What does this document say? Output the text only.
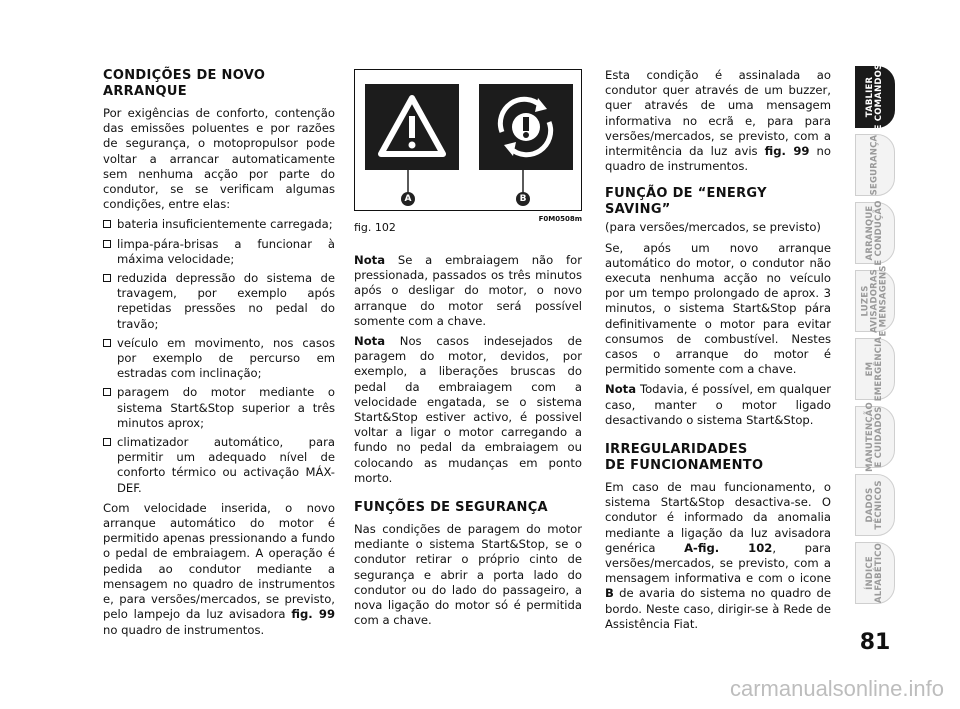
CONDIÇÕES DE NOVO
ARRANQUE

Por exigências de conforto, contenção das emissões poluentes e por razões de segurança, o motopropulsor pode voltar a arrancar automaticamente sem nenhuma acção por parte do condutor, se se verificam algumas condições, entre elas:

bateria insuficientemente carregada;
limpa-pára-brisas a funcionar à máxima velocidade;
reduzida depressão do sistema de travagem, por exemplo após repetidas pressões no pedal do travão;
veículo em movimento, nos casos por exemplo de percurso em estradas com inclinação;
paragem do motor mediante o sistema Start&Stop superior a três minutos aprox;
climatizador automático, para permitir um adequado nível de conforto térmico ou activação MÁX-DEF.

Com velocidade inserida, o novo arranque automático do motor é permitido apenas pressionando a fundo o pedal de embraiagem. A operação é pedida ao condutor mediante a mensagem no quadro de instrumentos e, para versões/mercados, se previsto, pelo lampejo da luz avisadora fig. 99 no quadro de instrumentos.

A	B
fig. 102
F0M0508m

Nota Se a embraiagem não for pressionada, passados os três minutos após o desligar do motor, o novo arranque do motor será possível somente com a chave.

Nota Nos casos indesejados de paragem do motor, devidos, por exemplo, a liberações bruscas do pedal da embraiagem com a velocidade engatada, se o sistema Start&Stop estiver activo, é possivel voltar a ligar o motor carregando a fundo no pedal da embraiagem ou colocando as mudanças em ponto morto.

FUNÇÕES DE SEGURANÇA

Nas condições de paragem do motor mediante o sistema Start&Stop, se o condutor retirar o próprio cinto de segurança e abrir a porta lado do condutor ou do lado do passageiro, a nova ligação do motor só é permitida com a chave.

Esta condição é assinalada ao condutor quer através de um buzzer, quer através de uma mensagem informativa no ecrã e, para para versões/mercados, se previsto, com a intermitência da luz avis fig. 99 no quadro de instrumentos.

FUNÇÃO DE “ENERGY SAVING”

(para versões/mercados, se previsto)

Se, após um novo arranque automático do motor, o condutor não executa nenhuma acção no veículo por um tempo prolongado de aprox. 3 minutos, o sistema Start&Stop pára definitivamente o motor para evitar consumos de combustível. Nestes casos o arranque do motor é permitido somente com a chave.

Nota Todavia, é possível, em qualquer caso, manter o motor ligado desactivando o sistema Start&Stop.

IRREGULARIDADES
DE FUNCIONAMENTO

Em caso de mau funcionamento, o sistema Start&Stop desactiva-se. O condutor é informado da anomalia mediante a ligação da luz avisadora genérica A-fig. 102, para versões/mercados, se previsto, com a mensagem informativa e com o icone B de avaria do sistema no quadro de bordo. Neste caso, dirigir-se à Rede de Assistência Fiat.

TABLIER
E COMANDOS
SEGURANÇA
ARRANQUE
E CONDUÇÃO
LUZES
AVISADORAS
E MENSAGENS
EM
EMERGÊNCIA
MANUTENÇÃO
E CUIDADOS
DADOS
TÉCNICOS
ÍNDICE
ALFABÉTICO
81
carmanualsonline.info
